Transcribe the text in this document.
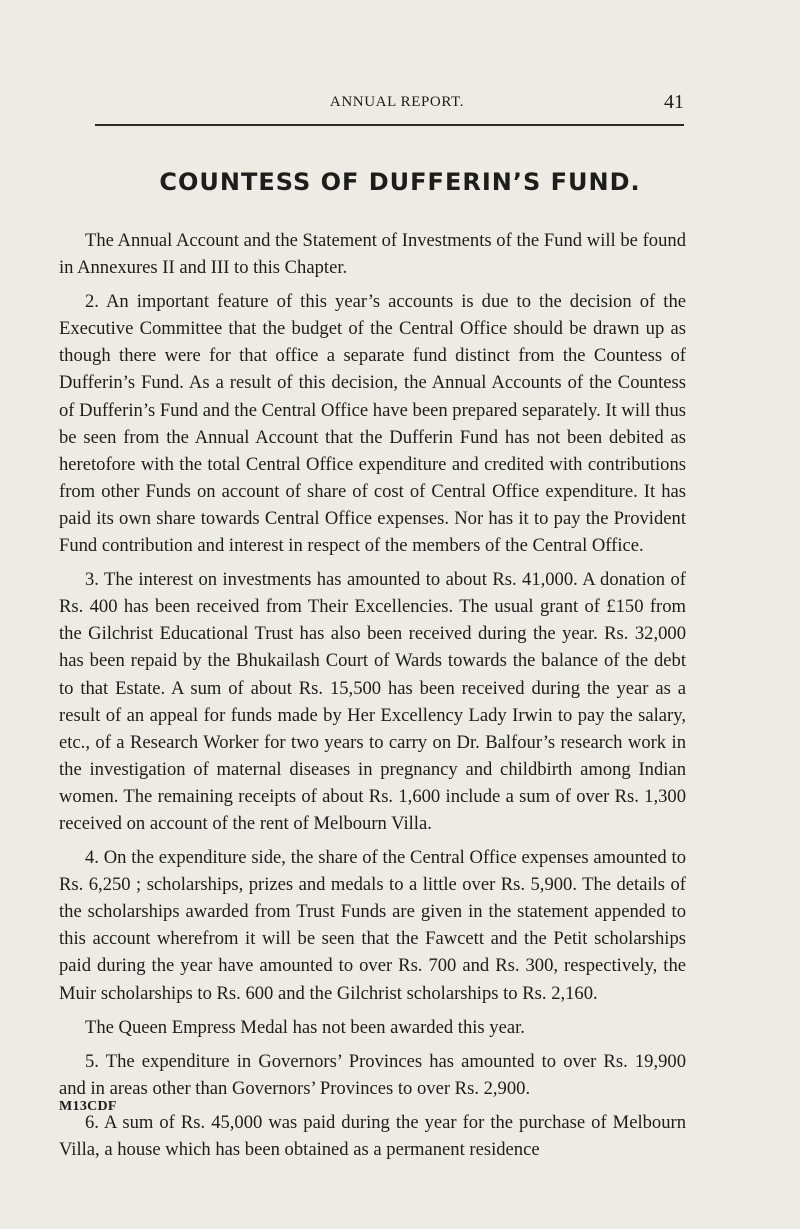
ANNUAL REPORT.	41
COUNTESS OF DUFFERIN’S FUND.

The Annual Account and the Statement of Investments of the Fund will be found in Annexures II and III to this Chapter.

2. An important feature of this year’s accounts is due to the decision of the Executive Committee that the budget of the Central Office should be drawn up as though there were for that office a separate fund distinct from the Countess of Dufferin’s Fund. As a result of this decision, the Annual Accounts of the Countess of Dufferin’s Fund and the Central Office have been prepared separately. It will thus be seen from the Annual Account that the Dufferin Fund has not been debited as heretofore with the total Central Office expenditure and credited with contributions from other Funds on account of share of cost of Central Office expenditure. It has paid its own share towards Central Office expenses. Nor has it to pay the Provident Fund contribution and interest in respect of the members of the Central Office.

3. The interest on investments has amounted to about Rs. 41,000. A donation of Rs. 400 has been received from Their Excellencies. The usual grant of £150 from the Gilchrist Educational Trust has also been received during the year. Rs. 32,000 has been repaid by the Bhukailash Court of Wards towards the balance of the debt to that Estate. A sum of about Rs. 15,500 has been received during the year as a result of an appeal for funds made by Her Excellency Lady Irwin to pay the salary, etc., of a Research Worker for two years to carry on Dr. Balfour’s research work in the investigation of maternal diseases in pregnancy and childbirth among Indian women. The remaining receipts of about Rs. 1,600 include a sum of over Rs. 1,300 received on account of the rent of Melbourn Villa.

4. On the expenditure side, the share of the Central Office expenses amounted to Rs. 6,250 ; scholarships, prizes and medals to a little over Rs. 5,900. The details of the scholarships awarded from Trust Funds are given in the statement appended to this account wherefrom it will be seen that the Fawcett and the Petit scholarships paid during the year have amounted to over Rs. 700 and Rs. 300, respectively, the Muir scholarships to Rs. 600 and the Gilchrist scholarships to Rs. 2,160.

The Queen Empress Medal has not been awarded this year.

5. The expenditure in Governors’ Provinces has amounted to over Rs. 19,900 and in areas other than Governors’ Provinces to over Rs. 2,900.

6. A sum of Rs. 45,000 was paid during the year for the purchase of Melbourn Villa, a house which has been obtained as a permanent residence

M13CDF
